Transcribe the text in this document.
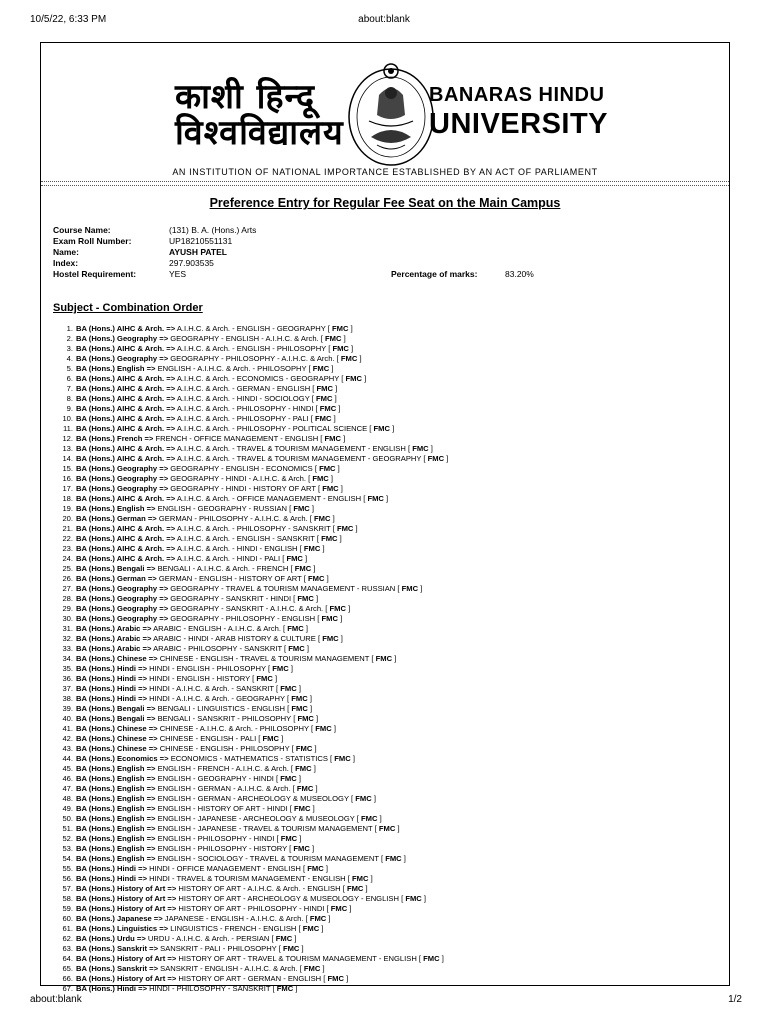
10/5/22, 6:33 PM	about:blank
काशी हिन्दू
विश्वविद्यालय
BANARAS HINDU
UNIVERSITY
AN INSTITUTION OF NATIONAL IMPORTANCE ESTABLISHED BY AN ACT OF PARLIAMENT
Preference Entry for Regular Fee Seat on the Main Campus
Course Name:	(131) B. A. (Hons.) Arts
Exam Roll Number:	UP18210551131
Name:	AYUSH PATEL
Index:	297.903535
Hostel Requirement:	YES	Percentage of marks:	83.20%
Subject - Combination Order
1. BA (Hons.) AIHC & Arch. => A.I.H.C. & Arch. - ENGLISH - GEOGRAPHY [ FMC ]
2. BA (Hons.) Geography => GEOGRAPHY - ENGLISH - A.I.H.C. & Arch. [ FMC ]
3. BA (Hons.) AIHC & Arch. => A.I.H.C. & Arch. - ENGLISH - PHILOSOPHY [ FMC ]
4. BA (Hons.) Geography => GEOGRAPHY - PHILOSOPHY - A.I.H.C. & Arch. [ FMC ]
5. BA (Hons.) English => ENGLISH - A.I.H.C. & Arch. - PHILOSOPHY [ FMC ]
6. BA (Hons.) AIHC & Arch. => A.I.H.C. & Arch. - ECONOMICS - GEOGRAPHY [ FMC ]
7. BA (Hons.) AIHC & Arch. => A.I.H.C. & Arch. - GERMAN - ENGLISH [ FMC ]
8. BA (Hons.) AIHC & Arch. => A.I.H.C. & Arch. - HINDI - SOCIOLOGY [ FMC ]
9. BA (Hons.) AIHC & Arch. => A.I.H.C. & Arch. - PHILOSOPHY - HINDI [ FMC ]
10. BA (Hons.) AIHC & Arch. => A.I.H.C. & Arch. - PHILOSOPHY - PALI [ FMC ]
11. BA (Hons.) AIHC & Arch. => A.I.H.C. & Arch. - PHILOSOPHY - POLITICAL SCIENCE [ FMC ]
12. BA (Hons.) French => FRENCH - OFFICE MANAGEMENT - ENGLISH [ FMC ]
13. BA (Hons.) AIHC & Arch. => A.I.H.C. & Arch. - TRAVEL & TOURISM MANAGEMENT - ENGLISH [ FMC ]
14. BA (Hons.) AIHC & Arch. => A.I.H.C. & Arch. - TRAVEL & TOURISM MANAGEMENT - GEOGRAPHY [ FMC ]
15. BA (Hons.) Geography => GEOGRAPHY - ENGLISH - ECONOMICS [ FMC ]
16. BA (Hons.) Geography => GEOGRAPHY - HINDI - A.I.H.C. & Arch. [ FMC ]
17. BA (Hons.) Geography => GEOGRAPHY - HINDI - HISTORY OF ART [ FMC ]
18. BA (Hons.) AIHC & Arch. => A.I.H.C. & Arch. - OFFICE MANAGEMENT - ENGLISH [ FMC ]
19. BA (Hons.) English => ENGLISH - GEOGRAPHY - RUSSIAN [ FMC ]
20. BA (Hons.) German => GERMAN - PHILOSOPHY - A.I.H.C. & Arch. [ FMC ]
21. BA (Hons.) AIHC & Arch. => A.I.H.C. & Arch. - PHILOSOPHY - SANSKRIT [ FMC ]
22. BA (Hons.) AIHC & Arch. => A.I.H.C. & Arch. - ENGLISH - SANSKRIT [ FMC ]
23. BA (Hons.) AIHC & Arch. => A.I.H.C. & Arch. - HINDI - ENGLISH [ FMC ]
24. BA (Hons.) AIHC & Arch. => A.I.H.C. & Arch. - HINDI - PALI [ FMC ]
25. BA (Hons.) Bengali => BENGALI - A.I.H.C. & Arch. - FRENCH [ FMC ]
26. BA (Hons.) German => GERMAN - ENGLISH - HISTORY OF ART [ FMC ]
27. BA (Hons.) Geography => GEOGRAPHY - TRAVEL & TOURISM MANAGEMENT - RUSSIAN [ FMC ]
28. BA (Hons.) Geography => GEOGRAPHY - SANSKRIT - HINDI [ FMC ]
29. BA (Hons.) Geography => GEOGRAPHY - SANSKRIT - A.I.H.C. & Arch. [ FMC ]
30. BA (Hons.) Geography => GEOGRAPHY - PHILOSOPHY - ENGLISH [ FMC ]
31. BA (Hons.) Arabic => ARABIC - ENGLISH - A.I.H.C. & Arch. [ FMC ]
32. BA (Hons.) Arabic => ARABIC - HINDI - ARAB HISTORY & CULTURE [ FMC ]
33. BA (Hons.) Arabic => ARABIC - PHILOSOPHY - SANSKRIT [ FMC ]
34. BA (Hons.) Chinese => CHINESE - ENGLISH - TRAVEL & TOURISM MANAGEMENT [ FMC ]
35. BA (Hons.) Hindi => HINDI - ENGLISH - PHILOSOPHY [ FMC ]
36. BA (Hons.) Hindi => HINDI - ENGLISH - HISTORY [ FMC ]
37. BA (Hons.) Hindi => HINDI - A.I.H.C. & Arch. - SANSKRIT [ FMC ]
38. BA (Hons.) Hindi => HINDI - A.I.H.C. & Arch. - GEOGRAPHY [ FMC ]
39. BA (Hons.) Bengali => BENGALI - LINGUISTICS - ENGLISH [ FMC ]
40. BA (Hons.) Bengali => BENGALI - SANSKRIT - PHILOSOPHY [ FMC ]
41. BA (Hons.) Chinese => CHINESE - A.I.H.C. & Arch. - PHILOSOPHY [ FMC ]
42. BA (Hons.) Chinese => CHINESE - ENGLISH - PALI [ FMC ]
43. BA (Hons.) Chinese => CHINESE - ENGLISH - PHILOSOPHY [ FMC ]
44. BA (Hons.) Economics => ECONOMICS - MATHEMATICS - STATISTICS [ FMC ]
45. BA (Hons.) English => ENGLISH - FRENCH - A.I.H.C. & Arch. [ FMC ]
46. BA (Hons.) English => ENGLISH - GEOGRAPHY - HINDI [ FMC ]
47. BA (Hons.) English => ENGLISH - GERMAN - A.I.H.C. & Arch. [ FMC ]
48. BA (Hons.) English => ENGLISH - GERMAN - ARCHEOLOGY & MUSEOLOGY [ FMC ]
49. BA (Hons.) English => ENGLISH - HISTORY OF ART - HINDI [ FMC ]
50. BA (Hons.) English => ENGLISH - JAPANESE - ARCHEOLOGY & MUSEOLOGY [ FMC ]
51. BA (Hons.) English => ENGLISH - JAPANESE - TRAVEL & TOURISM MANAGEMENT [ FMC ]
52. BA (Hons.) English => ENGLISH - PHILOSOPHY - HINDI [ FMC ]
53. BA (Hons.) English => ENGLISH - PHILOSOPHY - HISTORY [ FMC ]
54. BA (Hons.) English => ENGLISH - SOCIOLOGY - TRAVEL & TOURISM MANAGEMENT [ FMC ]
55. BA (Hons.) Hindi => HINDI - OFFICE MANAGEMENT - ENGLISH [ FMC ]
56. BA (Hons.) Hindi => HINDI - TRAVEL & TOURISM MANAGEMENT - ENGLISH [ FMC ]
57. BA (Hons.) History of Art => HISTORY OF ART - A.I.H.C. & Arch. - ENGLISH [ FMC ]
58. BA (Hons.) History of Art => HISTORY OF ART - ARCHEOLOGY & MUSEOLOGY - ENGLISH [ FMC ]
59. BA (Hons.) History of Art => HISTORY OF ART - PHILOSOPHY - HINDI [ FMC ]
60. BA (Hons.) Japanese => JAPANESE - ENGLISH - A.I.H.C. & Arch. [ FMC ]
61. BA (Hons.) Linguistics => LINGUISTICS - FRENCH - ENGLISH [ FMC ]
62. BA (Hons.) Urdu => URDU - A.I.H.C. & Arch. - PERSIAN [ FMC ]
63. BA (Hons.) Sanskrit => SANSKRIT - PALI - PHILOSOPHY [ FMC ]
64. BA (Hons.) History of Art => HISTORY OF ART - TRAVEL & TOURISM MANAGEMENT - ENGLISH [ FMC ]
65. BA (Hons.) Sanskrit => SANSKRIT - ENGLISH - A.I.H.C. & Arch. [ FMC ]
66. BA (Hons.) History of Art => HISTORY OF ART - GERMAN - ENGLISH [ FMC ]
67. BA (Hons.) Hindi => HINDI - PHILOSOPHY - SANSKRIT [ FMC ]
about:blank	1/2
